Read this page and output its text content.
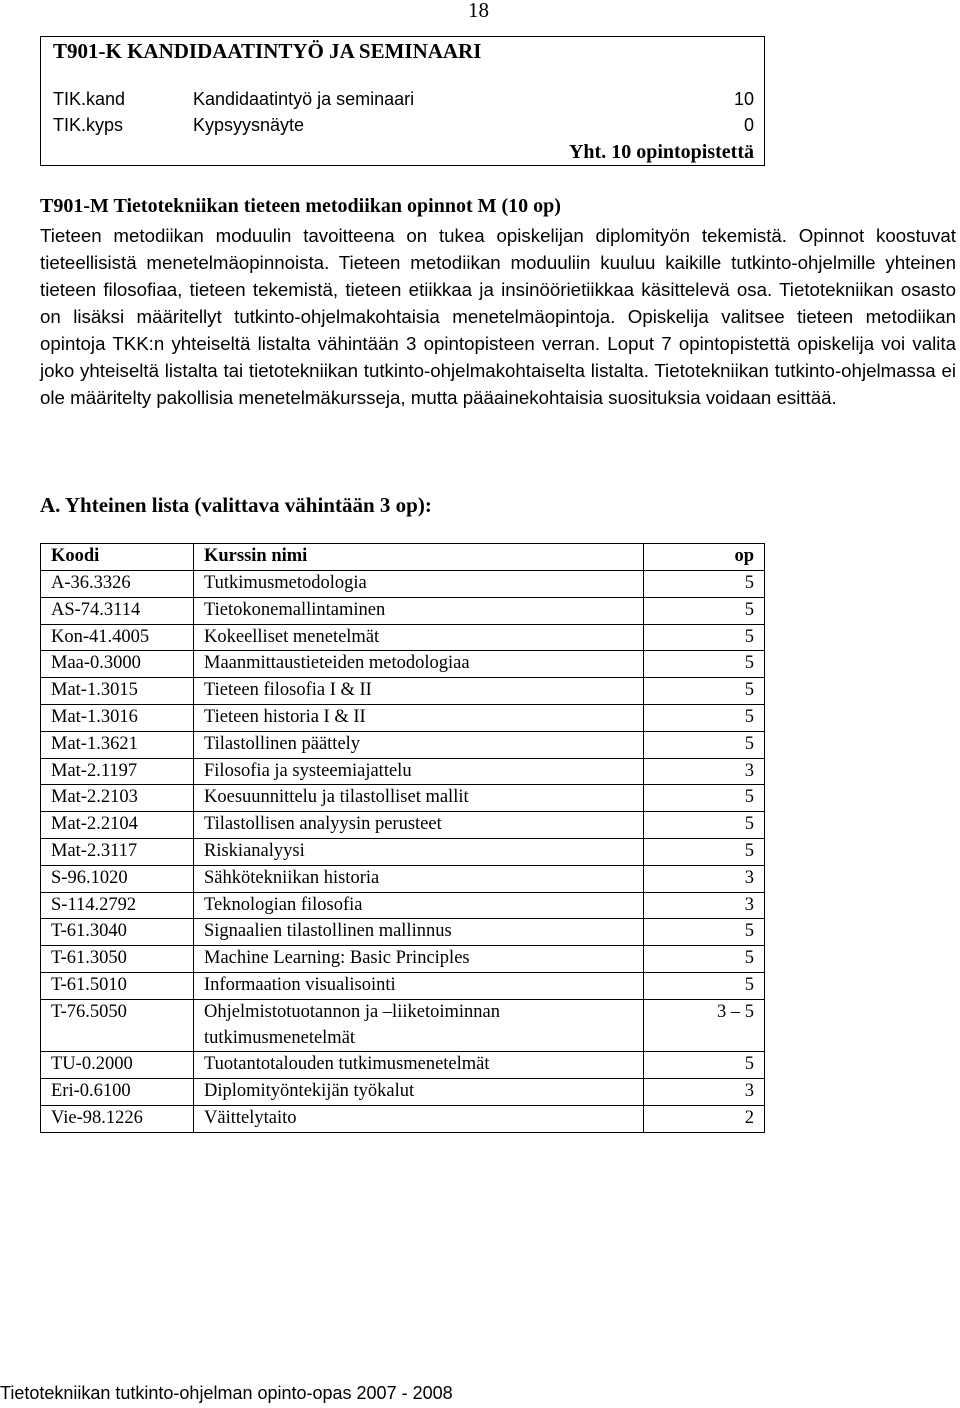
18
T901-K KANDIDAATINTYÖ JA SEMINAARI
TIK.kand	Kandidaatintyö ja seminaari	10
TIK.kyps	Kypsyysnäyte	0
Yht. 10 opintopistettä
T901-M Tietotekniikan tieteen metodiikan opinnot M (10 op)
Tieteen metodiikan moduulin tavoitteena on tukea opiskelijan diplomityön tekemistä. Opinnot koostuvat tieteellisistä menetelmäopinnoista. Tieteen metodiikan moduuliin kuuluu kaikille tutkinto-ohjelmille yhteinen tieteen filosofiaa, tieteen tekemistä, tieteen etiikkaa ja insinöörietiikkaa käsittelevä osa. Tietotekniikan osasto on lisäksi määritellyt tutkinto-ohjelmakohtaisia menetelmäopintoja. Opiskelija valitsee tieteen metodiikan opintoja TKK:n yhteiseltä listalta vähintään 3 opintopisteen verran. Loput 7 opintopistettä opiskelija voi valita joko yhteiseltä listalta tai tietotekniikan tutkinto-ohjelmakohtaiselta listalta. Tietotekniikan tutkinto-ohjelmassa ei ole määritelty pakollisia menetelmäkursseja, mutta pääainekohtaisia suosituksia voidaan esittää.
A. Yhteinen lista (valittava vähintään 3 op):
Koodi	Kurssin nimi	op
A-36.3326	Tutkimusmetodologia	5
AS-74.3114	Tietokonemallintaminen	5
Kon-41.4005	Kokeelliset menetelmät	5
Maa-0.3000	Maanmittaustieteiden metodologiaa	5
Mat-1.3015	Tieteen filosofia I & II	5
Mat-1.3016	Tieteen historia I & II	5
Mat-1.3621	Tilastollinen päättely	5
Mat-2.1197	Filosofia ja systeemiajattelu	3
Mat-2.2103	Koesuunnittelu ja tilastolliset mallit	5
Mat-2.2104	Tilastollisen analyysin perusteet	5
Mat-2.3117	Riskianalyysi	5
S-96.1020	Sähkötekniikan historia	3
S-114.2792	Teknologian filosofia	3
T-61.3040	Signaalien tilastollinen mallinnus	5
T-61.3050	Machine Learning: Basic Principles	5
T-61.5010	Informaation visualisointi	5
T-76.5050	Ohjelmistotuotannon ja –liiketoiminnan tutkimusmenetelmät	3 – 5
TU-0.2000	Tuotantotalouden tutkimusmenetelmät	5
Eri-0.6100	Diplomityöntekijän työkalut	3
Vie-98.1226	Väittelytaito	2
Tietotekniikan tutkinto-ohjelman opinto-opas 2007 - 2008
